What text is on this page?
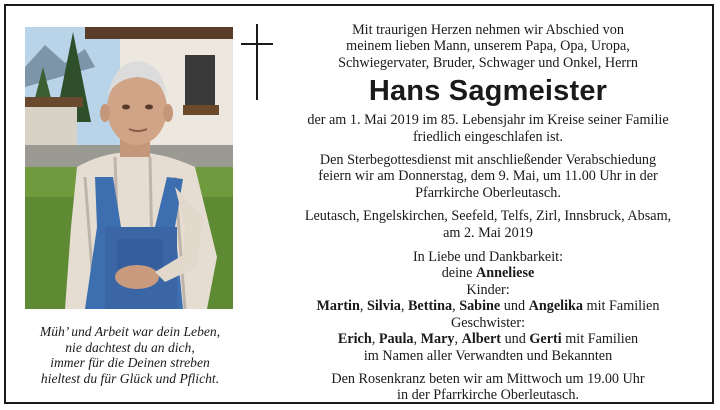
Müh’ und Arbeit war dein Leben,
nie dachtest du an dich,
immer für die Deinen streben
hieltest du für Glück und Pflicht.
Mit traurigen Herzen nehmen wir Abschied von
meinem lieben Mann, unserem Papa, Opa, Uropa,
Schwiegervater, Bruder, Schwager und Onkel, Herrn
Hans Sagmeister
der am 1. Mai 2019 im 85. Lebensjahr im Kreise seiner Familie
friedlich eingeschlafen ist.
Den Sterbegottesdienst mit anschließender Verabschiedung
feiern wir am Donnerstag, dem 9. Mai, um 11.00 Uhr in der
Pfarrkirche Oberleutasch.
Leutasch, Engelskirchen, Seefeld, Telfs, Zirl, Innsbruck, Absam,
am 2. Mai 2019
In Liebe und Dankbarkeit:
deine Anneliese
Kinder:
Martin, Silvia, Bettina, Sabine und Angelika mit Familien
Geschwister:
Erich, Paula, Mary, Albert und Gerti mit Familien
im Namen aller Verwandten und Bekannten
Den Rosenkranz beten wir am Mittwoch um 19.00 Uhr
in der Pfarrkirche Oberleutasch.
